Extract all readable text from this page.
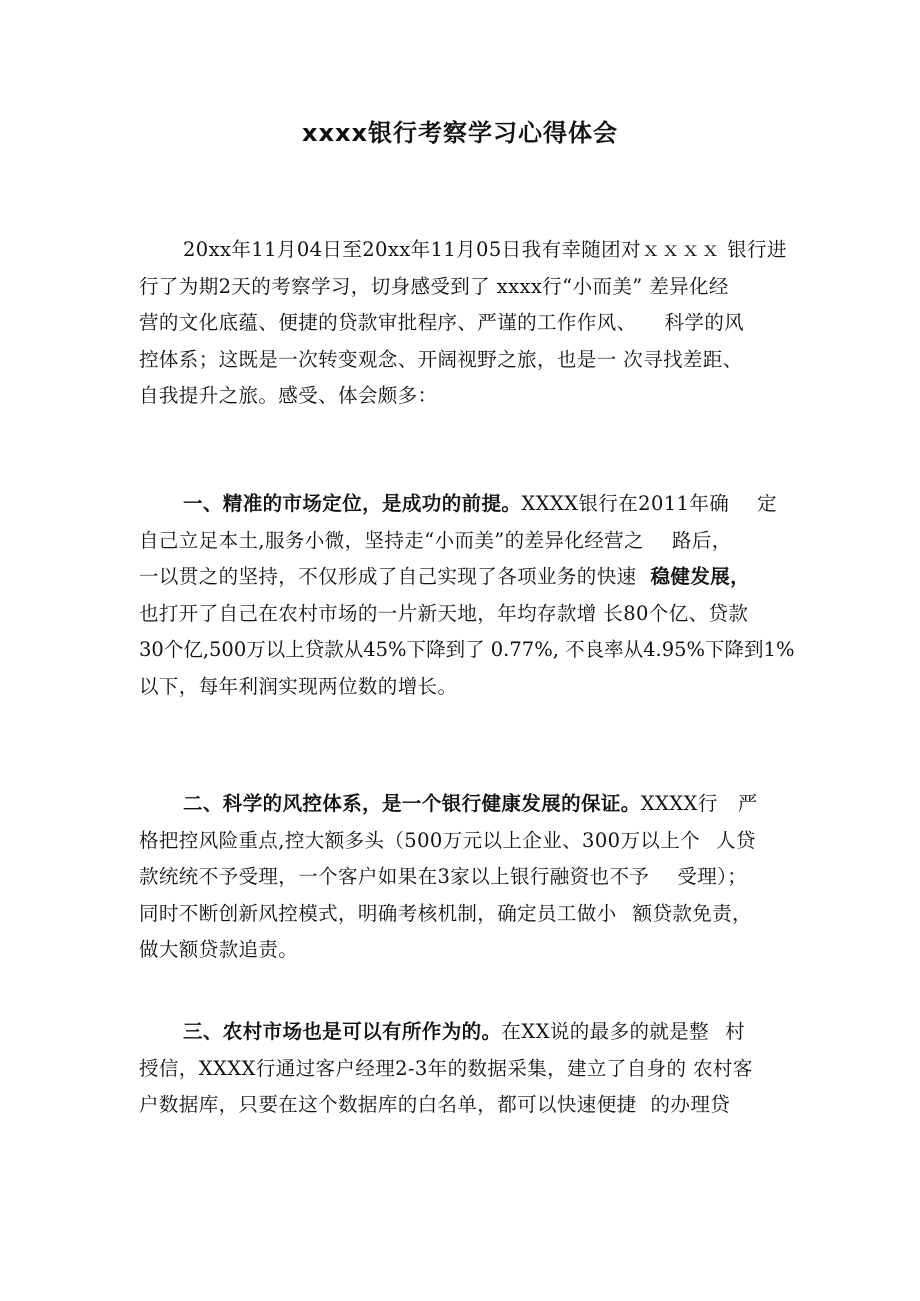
xxxx银行考察学习心得体会
20xx年11月04日至20xx年11月05日我有幸随团对ｘｘｘｘ 银行进
行了为期2天的考察学习，切身感受到了 xxxx行“小而美” 差异化经
营的文化底蕴、便捷的贷款审批程序、严谨的工作作风、 科学的风
控体系；这既是一次转变观念、开阔视野之旅，也是一 次寻找差距、
自我提升之旅。感受、体会颇多：
一、精准的市场定位，是成功的前提。XXXX银行在2011年确 定
自己立足本土,服务小微，坚持走“小而美”的差异化经营之 路后，
一以贯之的坚持，不仅形成了自己实现了各项业务的快速 稳健发展，
也打开了自己在农村市场的一片新天地，年均存款增 长80个亿、贷款
30个亿,500万以上贷款从45%下降到了 0.77%, 不良率从4.95%下降到1%
以下，每年利润实现两位数的增长。
二、科学的风控体系，是一个银行健康发展的保证。XXXX行 严
格把控风险重点,控大额多头（500万元以上企业、300万以上个 人贷
款统统不予受理，一个客户如果在3家以上银行融资也不予 受理）；
同时不断创新风控模式，明确考核机制，确定员工做小 额贷款免责，
做大额贷款追责。
三、农村市场也是可以有所作为的。在XX说的最多的就是整 村
授信，XXXX行通过客户经理2-3年的数据采集，建立了自身的 农村客
户数据库，只要在这个数据库的白名单，都可以快速便捷 的办理贷
